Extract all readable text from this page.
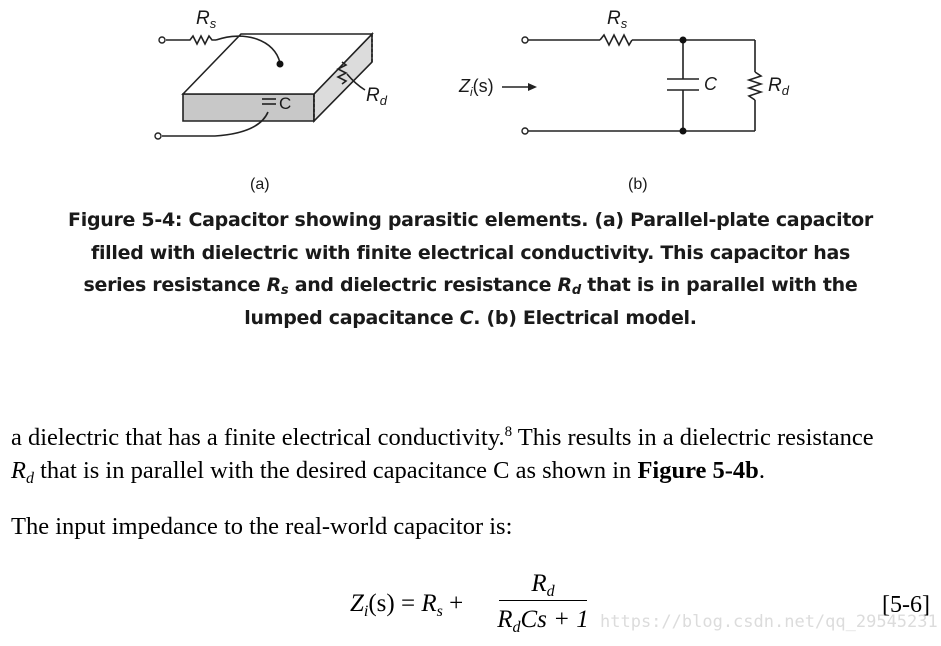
$R_s$
C	$R_d$
(a)
$R_s$
C	$R_d$
$Z_i(s)$
(b)
Figure 5-4: Capacitor showing parasitic elements. (a) Parallel-plate capacitor filled with dielectric with finite electrical conductivity. This capacitor has series resistance $R_s$ and dielectric resistance $R_d$ that is in parallel with the lumped capacitance C. (b) Electrical model.
a dielectric that has a finite electrical conductivity.$^8$ This results in a dielectric resistance
$R_d$ that is in parallel with the desired capacitance C as shown in Figure 5-4b.
The input impedance to the real-world capacitor is:
$Z_i(s) = R_s$ +
$R_d$
$R_dCs + 1$
[5-6]
https://blog.csdn.net/qq_29545231
